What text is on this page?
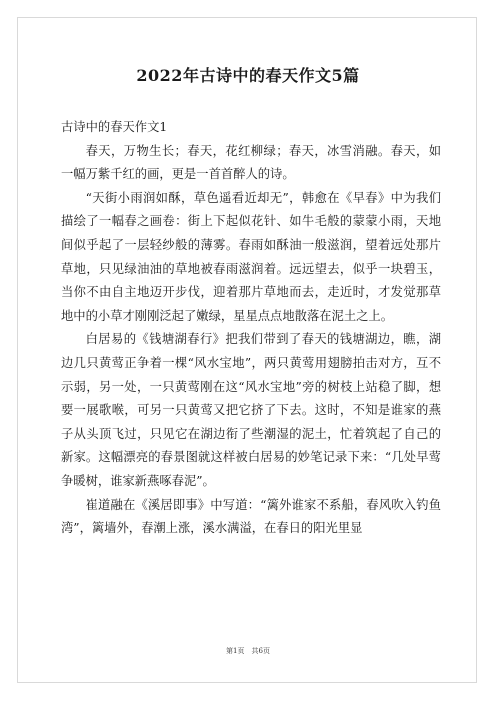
2022年古诗中的春天作文5篇

古诗中的春天作文1

春天，万物生长；春天，花红柳绿；春天，冰雪消融。春天，如一幅万紫千红的画，更是一首首醉人的诗。

“天街小雨润如酥，草色遥看近却无”，韩愈在《早春》中为我们描绘了一幅春之画卷：街上下起似花针、如牛毛般的蒙蒙小雨，天地间似乎起了一层轻纱般的薄雾。春雨如酥油一般滋润，望着远处那片草地，只见绿油油的草地被春雨滋润着。远远望去，似乎一块碧玉，当你不由自主地迈开步伐，迎着那片草地而去，走近时，才发觉那草地中的小草才刚刚泛起了嫩绿，星星点点地散落在泥土之上。

白居易的《钱塘湖春行》把我们带到了春天的钱塘湖边，瞧，湖边几只黄莺正争着一棵“风水宝地”，两只黄莺用翅膀拍击对方，互不示弱，另一处，一只黄莺刚在这“风水宝地”旁的树枝上站稳了脚，想要一展歌喉，可另一只黄莺又把它挤了下去。这时，不知是谁家的燕子从头顶飞过，只见它在湖边衔了些潮湿的泥土，忙着筑起了自己的新家。这幅漂亮的春景图就这样被白居易的妙笔记录下来：“几处早莺争暖树，谁家新燕啄春泥”。

崔道融在《溪居即事》中写道：“篱外谁家不系船，春风吹入钓鱼湾”，篱墙外，春潮上涨，溪水满溢，在春日的阳光里显

第1页　共6页
